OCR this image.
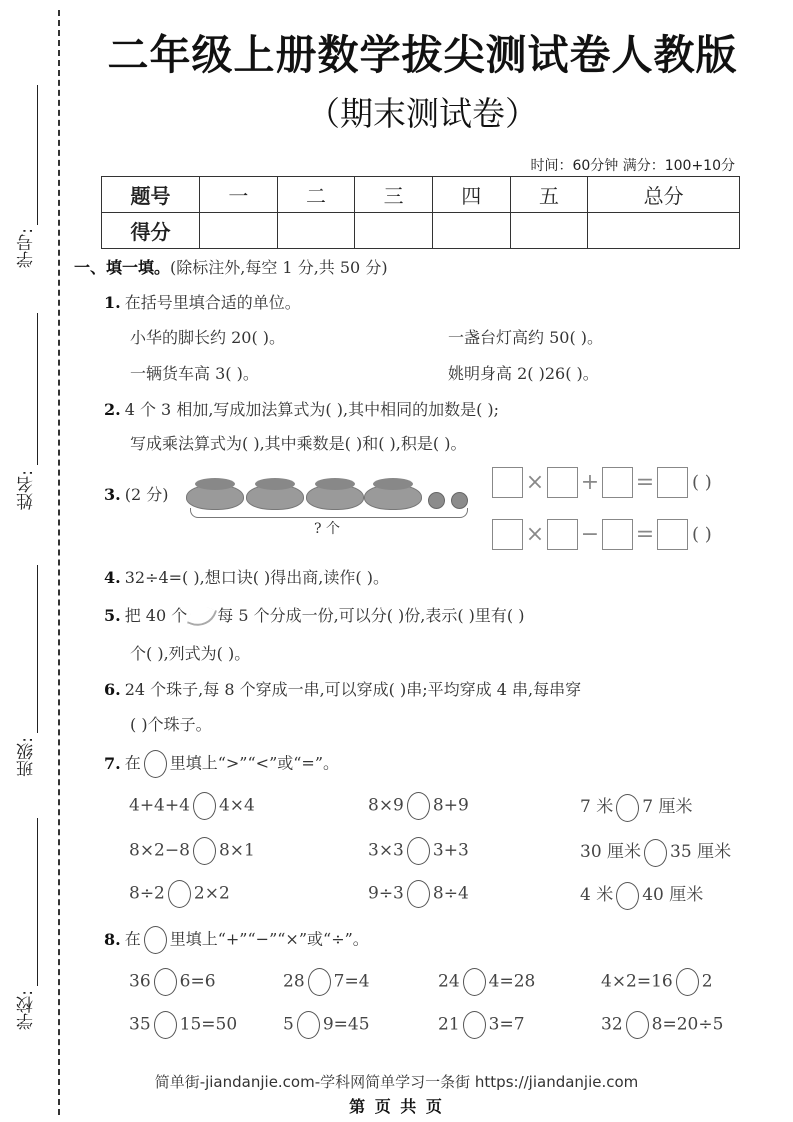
学号:
姓名:
班级:
学校:
二年级上册数学拔尖测试卷人教版
（期末测试卷）
时间：60分钟 满分：100+10分
题号	一	二	三	四	五	总分
得分						
一、填一填。(除标注外,每空 1 分,共 50 分)
1. 在括号里填合适的单位。
小华的脚长约 20( )。	一盏台灯高约 50( )。
一辆货车高 3( )。	姚明身高 2( )26( )。
2. 4 个 3 相加,写成加法算式为( ),其中相同的加数是( );
写成乘法算式为( ),其中乘数是( )和( ),积是( )。
3. (2 分)
? 个
× + = ( )
× − = ( )
4. 32÷4=( ),想口诀( )得出商,读作( )。
5. 把 40 个 每 5 个分成一份,可以分( )份,表示( )里有( )
个( ),列式为( )。
6. 24 个珠子,每 8 个穿成一串,可以穿成( )串;平均穿成 4 串,每串穿
( )个珠子。
7. 在 里填上“>”“<”或“=”。
4+4+4 4×4	8×9 8+9	7 米 7 厘米
8×2−8 8×1	3×3 3+3	30 厘米 35 厘米
8÷2 2×2	9÷3 8÷4	4 米 40 厘米
8. 在 里填上“+”“−”“×”或“÷”。
36 6=6	28 7=4	24 4=28	4×2=16 2
35 15=50	5 9=45	21 3=7	32 8=20÷5
简单街-jiandanjie.com-学科网简单学习一条街 https://jiandanjie.com
第 页 共 页
